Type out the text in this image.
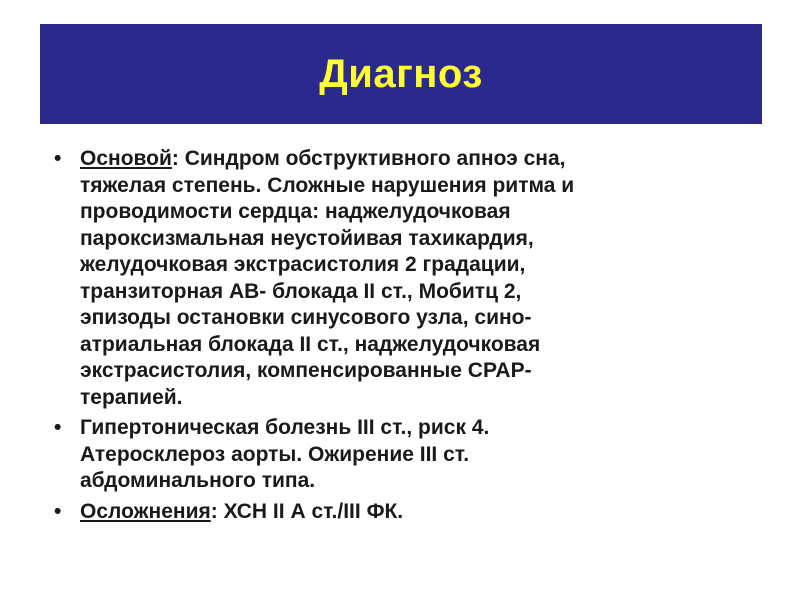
Диагноз
• Основой: Синдром обструктивного апноэ сна,
тяжелая степень. Сложные нарушения ритма и
проводимости сердца: наджелудочковая
пароксизмальная неустойивая тахикардия,
желудочковая экстрасистолия 2 градации,
транзиторная АВ- блокада II ст., Мобитц 2,
эпизоды остановки синусового узла, сино-
атриальная блокада II ст., наджелудочковая
экстрасистолия, компенсированные CPAP-
терапией.
• Гипертоническая болезнь III ст., риск 4.
Атеросклероз аорты. Ожирение III ст.
абдоминального типа.
• Осложнения: ХСН II А ст./III ФК.
